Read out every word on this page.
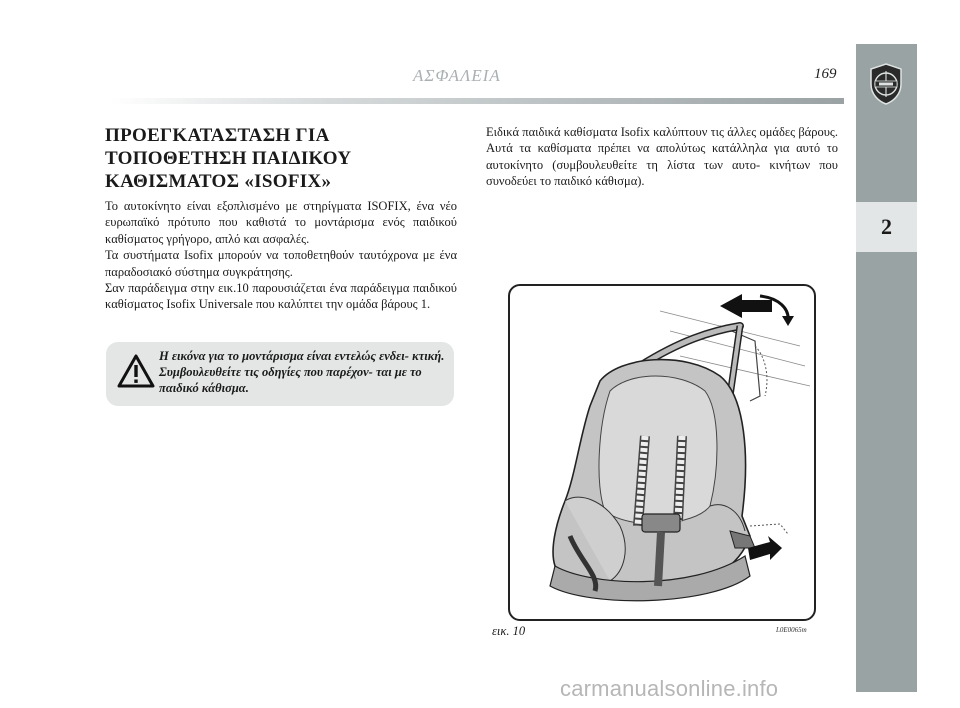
ΑΣΦΑΛΕΙΑ	169
2
ΠΡΟΕΓΚΑΤΑΣΤΑΣΗ ΓΙΑ
ΤΟΠΟΘΕΤΗΣΗ ΠΑΙΔΙΚΟΥ
ΚΑΘΙΣΜΑΤΟΣ «ISOFIX»

Το αυτοκίνητο είναι εξοπλισμένο με στηρίγματα ISOFIX, ένα νέο ευρωπαϊκό πρότυπο που καθιστά το μοντάρισμα ενός παιδικού καθίσματος γρήγορο, απλό και ασφαλές.

Τα συστήματα Isofix μπορούν να τοποθετηθούν ταυτόχρονα με ένα παραδοσιακό σύστημα συγκράτησης.

Σαν παράδειγμα στην εικ.10 παρουσιάζεται ένα παράδειγμα παιδικού καθίσματος Isofix Universale που καλύπτει την ομάδα βάρους 1.

Η εικόνα για το μοντάρισμα είναι εντελώς ενδει- κτική. Συμβουλευθείτε τις οδηγίες που παρέχον- ται με το παιδικό κάθισμα.

Ειδικά παιδικά καθίσματα Isofix καλύπτουν τις άλλες ομάδες βάρους. Αυτά τα καθίσματα πρέπει να απολύτως κατάλληλα για αυτό το αυτοκίνητο (συμβουλευθείτε τη λίστα των αυτο- κινήτων που συνοδεύει το παιδικό κάθισμα).

εικ. 10	L0E0065m
carmanualsonline.info
